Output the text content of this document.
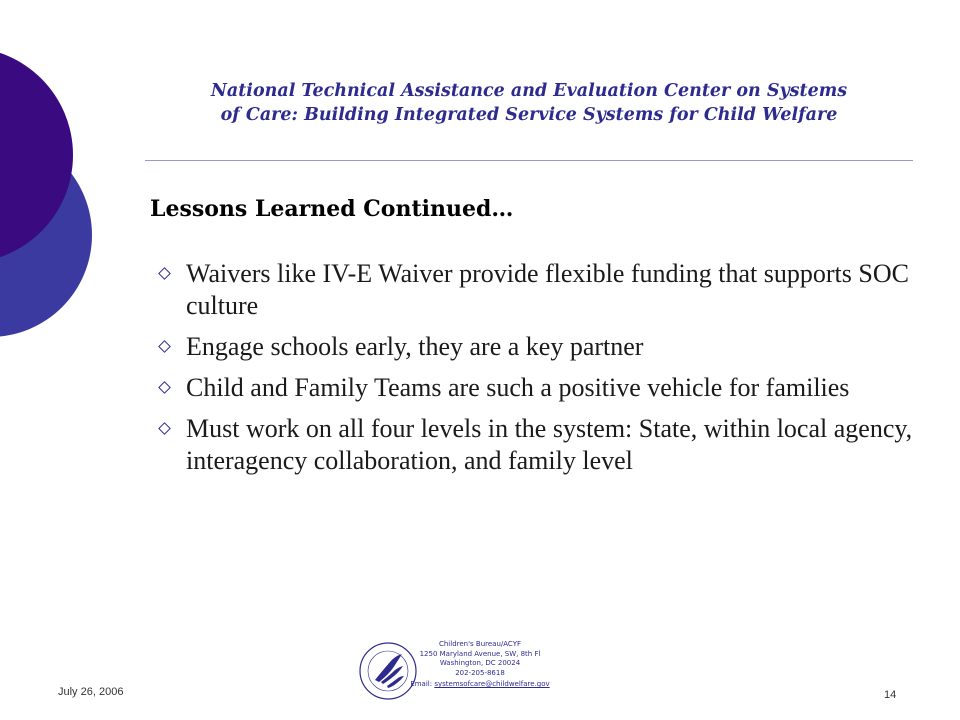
National Technical Assistance and Evaluation Center on Systems
of Care: Building Integrated Service Systems for Child Welfare
Lessons Learned Continued…
Waivers like IV-E Waiver provide flexible funding that supports SOC culture
Engage schools early, they are a key partner
Child and Family Teams are such a positive vehicle for families
Must work on all four levels in the system: State, within local agency, interagency collaboration, and family level
Children's Bureau/ACYF
1250 Maryland Avenue, SW, 8th Fl
Washington, DC 20024
202-205-8618
Email: systemsofcare@childwelfare.gov
July 26, 2006	14
